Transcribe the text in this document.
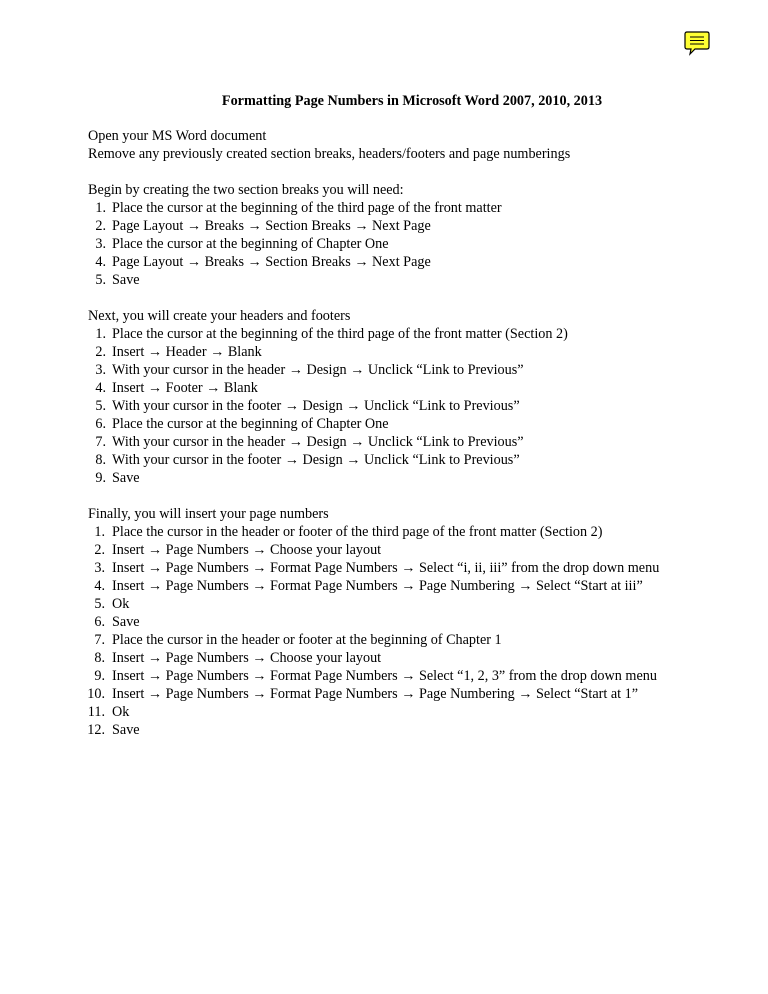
Formatting Page Numbers in Microsoft Word 2007, 2010, 2013

Open your MS Word document

Remove any previously created section breaks, headers/footers and page numberings

Begin by creating the two section breaks you will need:

1. Place the cursor at the beginning of the third page of the front matter
2. Page Layout → Breaks → Section Breaks → Next Page
3. Place the cursor at the beginning of Chapter One
4. Page Layout → Breaks → Section Breaks → Next Page
5. Save

Next, you will create your headers and footers

1. Place the cursor at the beginning of the third page of the front matter (Section 2)
2. Insert → Header → Blank
3. With your cursor in the header → Design → Unclick “Link to Previous”
4. Insert → Footer → Blank
5. With your cursor in the footer → Design → Unclick “Link to Previous”
6. Place the cursor at the beginning of Chapter One
7. With your cursor in the header → Design → Unclick “Link to Previous”
8. With your cursor in the footer → Design → Unclick “Link to Previous”
9. Save

Finally, you will insert your page numbers

1. Place the cursor in the header or footer of the third page of the front matter (Section 2)
2. Insert → Page Numbers → Choose your layout
3. Insert → Page Numbers → Format Page Numbers → Select “i, ii, iii” from the drop down menu
4. Insert → Page Numbers → Format Page Numbers → Page Numbering → Select “Start at iii”
5. Ok
6. Save
7. Place the cursor in the header or footer at the beginning of Chapter 1
8. Insert → Page Numbers → Choose your layout
9. Insert → Page Numbers → Format Page Numbers → Select “1, 2, 3” from the drop down menu
10. Insert → Page Numbers → Format Page Numbers → Page Numbering → Select “Start at 1”
11. Ok
12. Save
